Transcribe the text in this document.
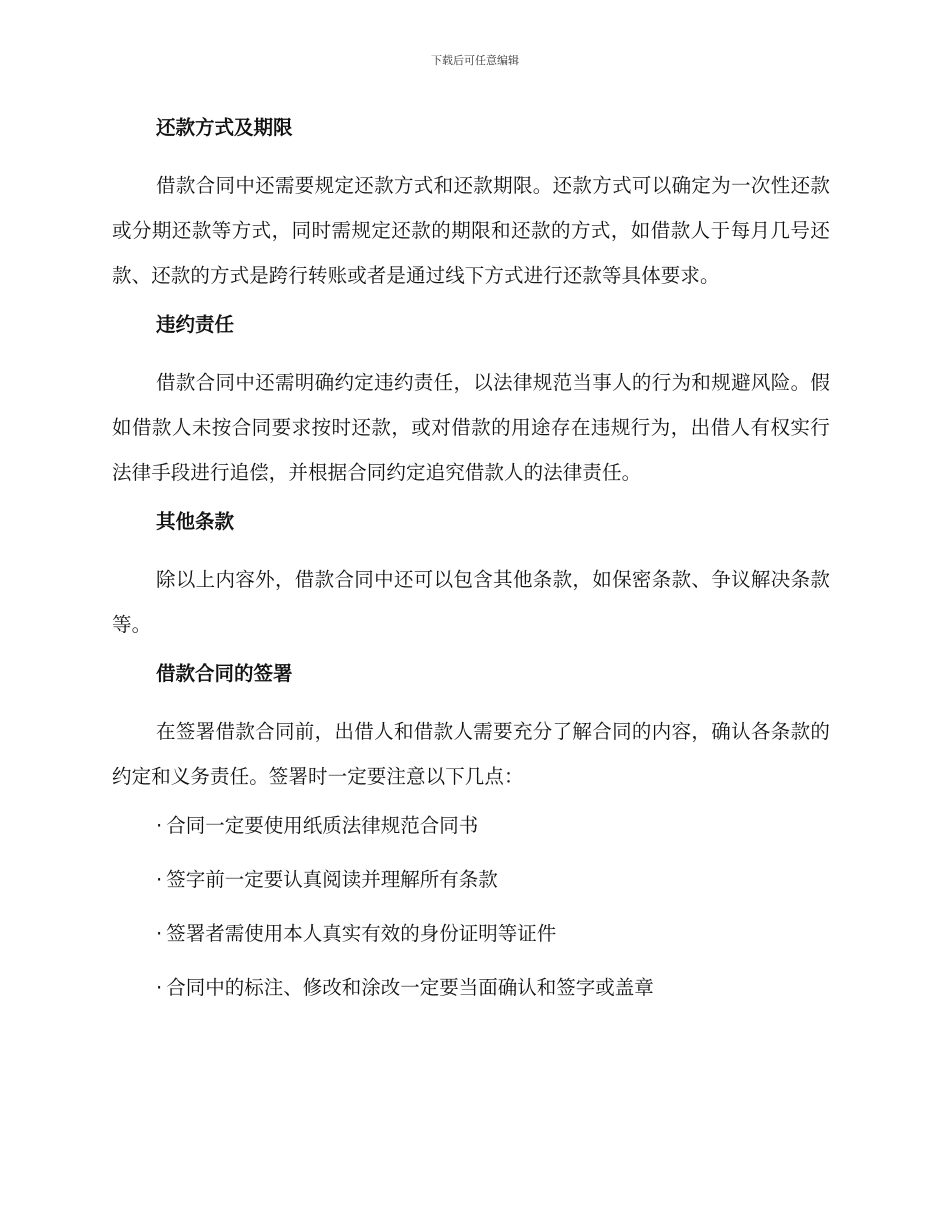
下载后可任意编辑
还款方式及期限

借款合同中还需要规定还款方式和还款期限。还款方式可以确定为一次性还款或分期还款等方式，同时需规定还款的期限和还款的方式，如借款人于每月几号还款、还款的方式是跨行转账或者是通过线下方式进行还款等具体要求。

违约责任

借款合同中还需明确约定违约责任，以法律规范当事人的行为和规避风险。假如借款人未按合同要求按时还款，或对借款的用途存在违规行为，出借人有权实行法律手段进行追偿，并根据合同约定追究借款人的法律责任。

其他条款

除以上内容外，借款合同中还可以包含其他条款，如保密条款、争议解决条款等。

借款合同的签署

在签署借款合同前，出借人和借款人需要充分了解合同的内容，确认各条款的约定和义务责任。签署时一定要注意以下几点：

· 合同一定要使用纸质法律规范合同书
· 签字前一定要认真阅读并理解所有条款
· 签署者需使用本人真实有效的身份证明等证件
· 合同中的标注、修改和涂改一定要当面确认和签字或盖章
